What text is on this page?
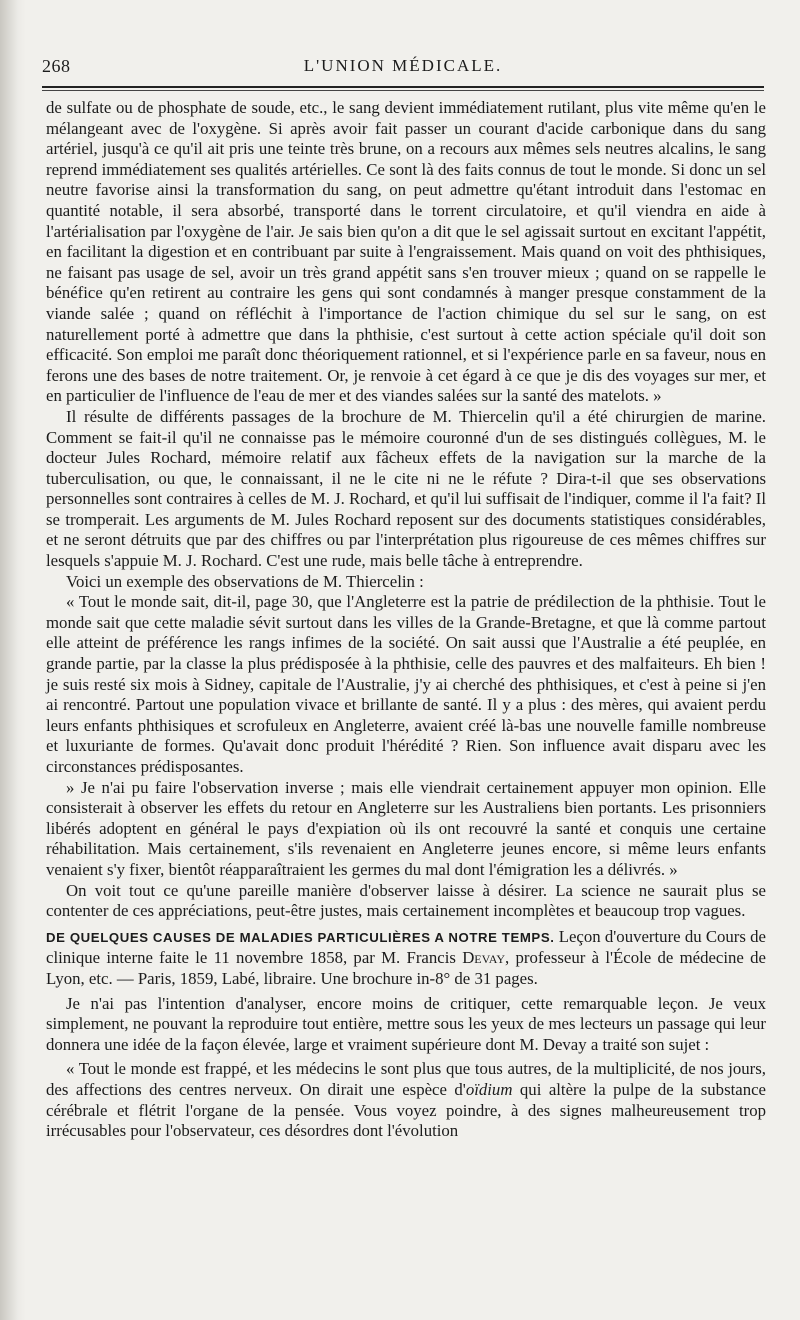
268	L'UNION MÉDICALE.

de sulfate ou de phosphate de soude, etc., le sang devient immédiatement rutilant, plus vite même qu'en le mélangeant avec de l'oxygène. Si après avoir fait passer un courant d'acide carbonique dans du sang artériel, jusqu'à ce qu'il ait pris une teinte très brune, on a recours aux mêmes sels neutres alcalins, le sang reprend immédiatement ses qualités artérielles. Ce sont là des faits connus de tout le monde. Si donc un sel neutre favorise ainsi la transformation du sang, on peut admettre qu'étant introduit dans l'estomac en quantité notable, il sera absorbé, transporté dans le torrent circulatoire, et qu'il viendra en aide à l'artérialisation par l'oxygène de l'air. Je sais bien qu'on a dit que le sel agissait surtout en excitant l'appétit, en facilitant la digestion et en contribuant par suite à l'engraissement. Mais quand on voit des phthisiques, ne faisant pas usage de sel, avoir un très grand appétit sans s'en trouver mieux ; quand on se rappelle le bénéfice qu'en retirent au contraire les gens qui sont condamnés à manger presque constamment de la viande salée ; quand on réfléchit à l'importance de l'action chimique du sel sur le sang, on est naturellement porté à admettre que dans la phthisie, c'est surtout à cette action spéciale qu'il doit son efficacité. Son emploi me paraît donc théoriquement rationnel, et si l'expérience parle en sa faveur, nous en ferons une des bases de notre traitement. Or, je renvoie à cet égard à ce que je dis des voyages sur mer, et en particulier de l'influence de l'eau de mer et des viandes salées sur la santé des matelots. »

Il résulte de différents passages de la brochure de M. Thiercelin qu'il a été chirurgien de marine. Comment se fait-il qu'il ne connaisse pas le mémoire couronné d'un de ses distingués collègues, M. le docteur Jules Rochard, mémoire relatif aux fâcheux effets de la navigation sur la marche de la tuberculisation, ou que, le connaissant, il ne le cite ni ne le réfute ? Dira-t-il que ses observations personnelles sont contraires à celles de M. J. Rochard, et qu'il lui suffisait de l'indiquer, comme il l'a fait? Il se tromperait. Les arguments de M. Jules Rochard reposent sur des documents statistiques considérables, et ne seront détruits que par des chiffres ou par l'interprétation plus rigoureuse de ces mêmes chiffres sur lesquels s'appuie M. J. Rochard. C'est une rude, mais belle tâche à entreprendre.

Voici un exemple des observations de M. Thiercelin :

« Tout le monde sait, dit-il, page 30, que l'Angleterre est la patrie de prédilection de la phthisie. Tout le monde sait que cette maladie sévit surtout dans les villes de la Grande-Bretagne, et que là comme partout elle atteint de préférence les rangs infimes de la société. On sait aussi que l'Australie a été peuplée, en grande partie, par la classe la plus prédisposée à la phthisie, celle des pauvres et des malfaiteurs. Eh bien ! je suis resté six mois à Sidney, capitale de l'Australie, j'y ai cherché des phthisiques, et c'est à peine si j'en ai rencontré. Partout une population vivace et brillante de santé. Il y a plus : des mères, qui avaient perdu leurs enfants phthisiques et scrofuleux en Angleterre, avaient créé là-bas une nouvelle famille nombreuse et luxuriante de formes. Qu'avait donc produit l'hérédité ? Rien. Son influence avait disparu avec les circonstances prédisposantes.

» Je n'ai pu faire l'observation inverse ; mais elle viendrait certainement appuyer mon opinion. Elle consisterait à observer les effets du retour en Angleterre sur les Australiens bien portants. Les prisonniers libérés adoptent en général le pays d'expiation où ils ont recouvré la santé et conquis une certaine réhabilitation. Mais certainement, s'ils revenaient en Angleterre jeunes encore, si même leurs enfants venaient s'y fixer, bientôt réapparaîtraient les germes du mal dont l'émigration les a délivrés. »

On voit tout ce qu'une pareille manière d'observer laisse à désirer. La science ne saurait plus se contenter de ces appréciations, peut-être justes, mais certainement incomplètes et beaucoup trop vagues.

DE QUELQUES CAUSES DE MALADIES PARTICULIÈRES A NOTRE TEMPS. Leçon d'ouverture du Cours de clinique interne faite le 11 novembre 1858, par M. Francis Devay, professeur à l'École de médecine de Lyon, etc. — Paris, 1859, Labé, libraire. Une brochure in-8° de 31 pages.

Je n'ai pas l'intention d'analyser, encore moins de critiquer, cette remarquable leçon. Je veux simplement, ne pouvant la reproduire tout entière, mettre sous les yeux de mes lecteurs un passage qui leur donnera une idée de la façon élevée, large et vraiment supérieure dont M. Devay a traité son sujet :

« Tout le monde est frappé, et les médecins le sont plus que tous autres, de la multiplicité, de nos jours, des affections des centres nerveux. On dirait une espèce d'oïdium qui altère la pulpe de la substance cérébrale et flétrit l'organe de la pensée. Vous voyez poindre, à des signes malheureusement trop irrécusables pour l'observateur, ces désordres dont l'évolution
